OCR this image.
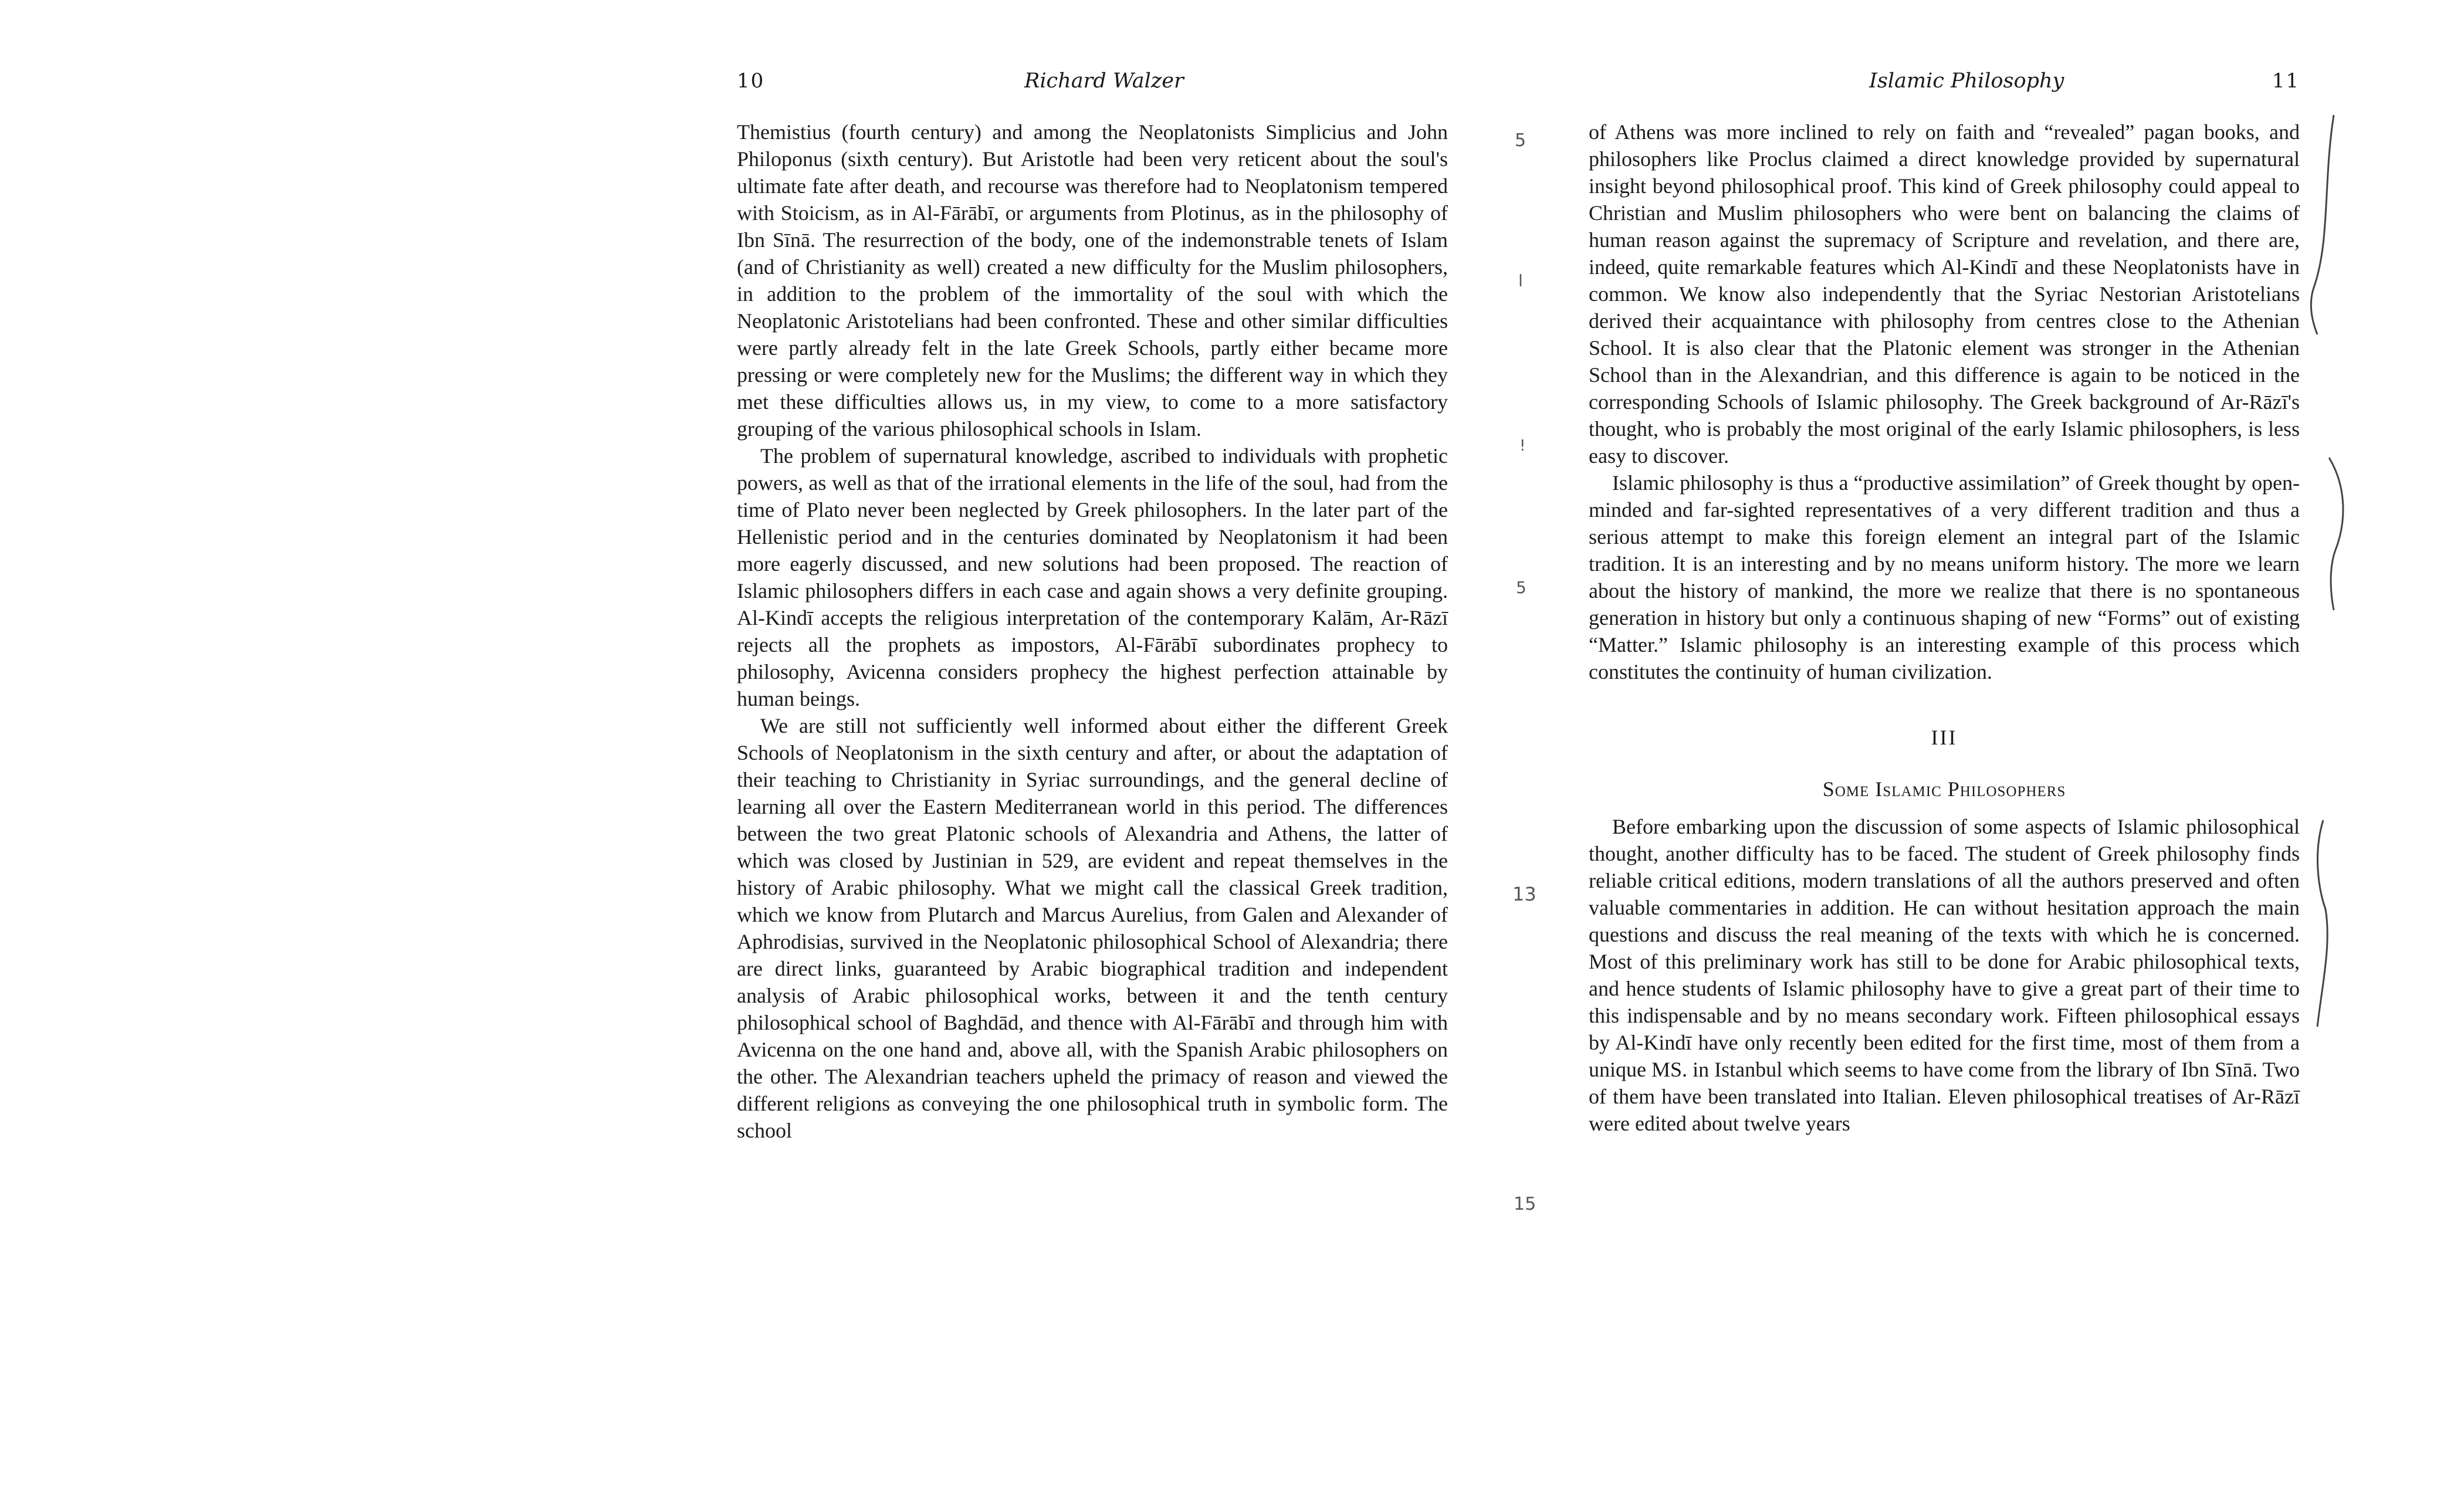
10	Richard Walzer

Themistius (fourth century) and among the Neoplatonists Simplicius and John Philoponus (sixth century). But Aristotle had been very reticent about the soul's ultimate fate after death, and recourse was therefore had to Neoplatonism tempered with Stoicism, as in Al-Fārābī, or arguments from Plotinus, as in the philosophy of Ibn Sīnā. The resurrection of the body, one of the indemonstrable tenets of Islam (and of Christianity as well) created a new difficulty for the Muslim philosophers, in addition to the problem of the immortality of the soul with which the Neoplatonic Aristotelians had been confronted. These and other similar difficulties were partly already felt in the late Greek Schools, partly either became more pressing or were completely new for the Muslims; the different way in which they met these difficulties allows us, in my view, to come to a more satisfactory grouping of the various philosophical schools in Islam.

The problem of supernatural knowledge, ascribed to individuals with prophetic powers, as well as that of the irrational elements in the life of the soul, had from the time of Plato never been neglected by Greek philosophers. In the later part of the Hellenistic period and in the centuries dominated by Neoplatonism it had been more eagerly discussed, and new solutions had been proposed. The reaction of Islamic philosophers differs in each case and again shows a very definite grouping. Al-Kindī accepts the religious interpretation of the contemporary Kalām, Ar-Rāzī rejects all the prophets as impostors, Al-Fārābī subordinates prophecy to philosophy, Avicenna considers prophecy the highest perfection attainable by human beings.

We are still not sufficiently well informed about either the different Greek Schools of Neoplatonism in the sixth century and after, or about the adaptation of their teaching to Christianity in Syriac surroundings, and the general decline of learning all over the Eastern Mediterranean world in this period. The differences between the two great Platonic schools of Alexandria and Athens, the latter of which was closed by Justinian in 529, are evident and repeat themselves in the history of Arabic philosophy. What we might call the classical Greek tradition, which we know from Plutarch and Marcus Aurelius, from Galen and Alexander of Aphrodisias, survived in the Neoplatonic philosophical School of Alexandria; there are direct links, guaranteed by Arabic biographical tradition and independent analysis of Arabic philosophical works, between it and the tenth century philosophical school of Baghdād, and thence with Al-Fārābī and through him with Avicenna on the one hand and, above all, with the Spanish Arabic philosophers on the other. The Alexandrian teachers upheld the primacy of reason and viewed the different religions as conveying the one philosophical truth in symbolic form. The school

5
l
!
5
13
15
Islamic Philosophy	11

of Athens was more inclined to rely on faith and “revealed” pagan books, and philosophers like Proclus claimed a direct knowledge provided by supernatural insight beyond philosophical proof. This kind of Greek philosophy could appeal to Christian and Muslim philosophers who were bent on balancing the claims of human reason against the supremacy of Scripture and revelation, and there are, indeed, quite remarkable features which Al-Kindī and these Neoplatonists have in common. We know also independently that the Syriac Nestorian Aristotelians derived their acquaintance with philosophy from centres close to the Athenian School. It is also clear that the Platonic element was stronger in the Athenian School than in the Alexandrian, and this difference is again to be noticed in the corresponding Schools of Islamic philosophy. The Greek background of Ar-Rāzī's thought, who is probably the most original of the early Islamic philosophers, is less easy to discover.

Islamic philosophy is thus a “productive assimilation” of Greek thought by open-minded and far-sighted representatives of a very different tradition and thus a serious attempt to make this foreign element an integral part of the Islamic tradition. It is an interesting and by no means uniform history. The more we learn about the history of mankind, the more we realize that there is no spontaneous generation in history but only a continuous shaping of new “Forms” out of existing “Matter.” Islamic philosophy is an interesting example of this process which constitutes the continuity of human civilization.

III
Some Islamic Philosophers

Before embarking upon the discussion of some aspects of Islamic philosophical thought, another difficulty has to be faced. The student of Greek philosophy finds reliable critical editions, modern translations of all the authors preserved and often valuable commentaries in addition. He can without hesitation approach the main questions and discuss the real meaning of the texts with which he is concerned. Most of this preliminary work has still to be done for Arabic philosophical texts, and hence students of Islamic philosophy have to give a great part of their time to this indispensable and by no means secondary work. Fifteen philosophical essays by Al-Kindī have only recently been edited for the first time, most of them from a unique MS. in Istanbul which seems to have come from the library of Ibn Sīnā. Two of them have been translated into Italian. Eleven philosophical treatises of Ar-Rāzī were edited about twelve years
